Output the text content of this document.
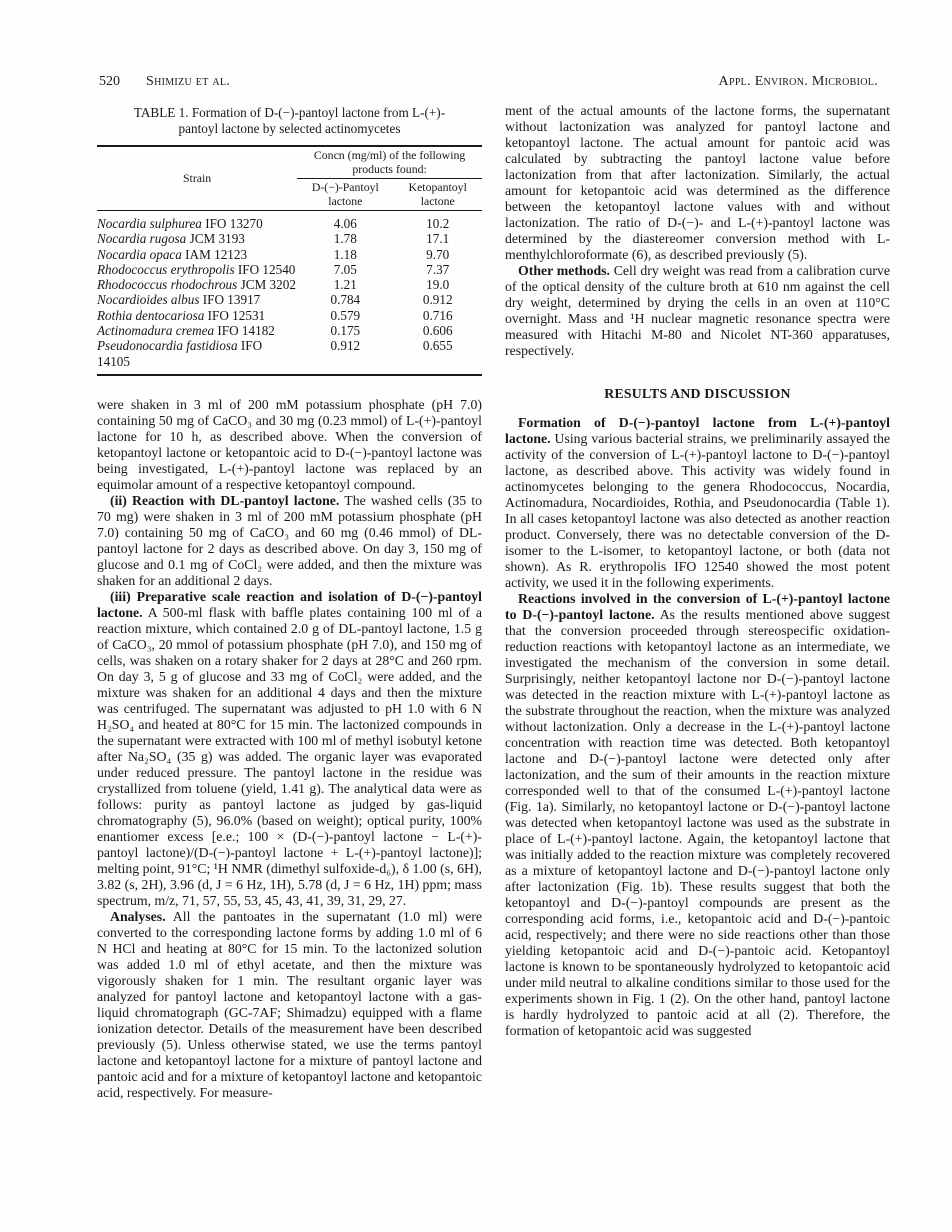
520 Shimizu et al.	Appl. Environ. Microbiol.

TABLE 1. Formation of D-(−)-pantoyl lactone from L-(+)-pantoyl lactone by selected actinomycetes

Strain	Concn (mg/ml) of the following products found:	
	D-(−)-Pantoyl lactone	Ketopantoyl lactone
Nocardia sulphurea IFO 13270	4.06	10.2
Nocardia rugosa JCM 3193	1.78	17.1
Nocardia opaca IAM 12123	1.18	9.70
Rhodococcus erythropolis IFO 12540	7.05	7.37
Rhodococcus rhodochrous JCM 3202	1.21	19.0
Nocardioides albus IFO 13917	0.784	0.912
Rothia dentocariosa IFO 12531	0.579	0.716
Actinomadura cremea IFO 14182	0.175	0.606
Pseudonocardia fastidiosa IFO 14105	0.912	0.655

were shaken in 3 ml of 200 mM potassium phosphate (pH 7.0) containing 50 mg of CaCO₃ and 30 mg (0.23 mmol) of L-(+)-pantoyl lactone for 10 h, as described above. When the conversion of ketopantoyl lactone or ketopantoic acid to D-(−)-pantoyl lactone was being investigated, L-(+)-pantoyl lactone was replaced by an equimolar amount of a respective ketopantoyl compound.

(ii) Reaction with DL-pantoyl lactone. The washed cells (35 to 70 mg) were shaken in 3 ml of 200 mM potassium phosphate (pH 7.0) containing 50 mg of CaCO₃ and 60 mg (0.46 mmol) of DL-pantoyl lactone for 2 days as described above. On day 3, 150 mg of glucose and 0.1 mg of CoCl₂ were added, and then the mixture was shaken for an additional 2 days.

(iii) Preparative scale reaction and isolation of D-(−)-pantoyl lactone. A 500-ml flask with baffle plates containing 100 ml of a reaction mixture, which contained 2.0 g of DL-pantoyl lactone, 1.5 g of CaCO₃, 20 mmol of potassium phosphate (pH 7.0), and 150 mg of cells, was shaken on a rotary shaker for 2 days at 28°C and 260 rpm. On day 3, 5 g of glucose and 33 mg of CoCl₂ were added, and the mixture was shaken for an additional 4 days and then the mixture was centrifuged. The supernatant was adjusted to pH 1.0 with 6 N H₂SO₄ and heated at 80°C for 15 min. The lactonized compounds in the supernatant were extracted with 100 ml of methyl isobutyl ketone after Na₂SO₄ (35 g) was added. The organic layer was evaporated under reduced pressure. The pantoyl lactone in the residue was crystallized from toluene (yield, 1.41 g). The analytical data were as follows: purity as pantoyl lactone as judged by gas-liquid chromatography (5), 96.0% (based on weight); optical purity, 100% enantiomer excess [e.e.; 100 × (D-(−)-pantoyl lactone − L-(+)-pantoyl lactone)/(D-(−)-pantoyl lactone + L-(+)-pantoyl lactone)]; melting point, 91°C; ¹H NMR (dimethyl sulfoxide-d₆), δ 1.00 (s, 6H), 3.82 (s, 2H), 3.96 (d, J = 6 Hz, 1H), 5.78 (d, J = 6 Hz, 1H) ppm; mass spectrum, m/z, 71, 57, 55, 53, 45, 43, 41, 39, 31, 29, 27.

Analyses. All the pantoates in the supernatant (1.0 ml) were converted to the corresponding lactone forms by adding 1.0 ml of 6 N HCl and heating at 80°C for 15 min. To the lactonized solution was added 1.0 ml of ethyl acetate, and then the mixture was vigorously shaken for 1 min. The resultant organic layer was analyzed for pantoyl lactone and ketopantoyl lactone with a gas-liquid chromatograph (GC-7AF; Shimadzu) equipped with a flame ionization detector. Details of the measurement have been described previously (5). Unless otherwise stated, we use the terms pantoyl lactone and ketopantoyl lactone for a mixture of pantoyl lactone and pantoic acid and for a mixture of ketopantoyl lactone and ketopantoic acid, respectively. For measure-

ment of the actual amounts of the lactone forms, the supernatant without lactonization was analyzed for pantoyl lactone and ketopantoyl lactone. The actual amount for pantoic acid was calculated by subtracting the pantoyl lactone value before lactonization from that after lactonization. Similarly, the actual amount for ketopantoic acid was determined as the difference between the ketopantoyl lactone values with and without lactonization. The ratio of D-(−)- and L-(+)-pantoyl lactone was determined by the diastereomer conversion method with L-menthylchloroformate (6), as described previously (5).

Other methods. Cell dry weight was read from a calibration curve of the optical density of the culture broth at 610 nm against the cell dry weight, determined by drying the cells in an oven at 110°C overnight. Mass and ¹H nuclear magnetic resonance spectra were measured with Hitachi M-80 and Nicolet NT-360 apparatuses, respectively.

RESULTS AND DISCUSSION

Formation of D-(−)-pantoyl lactone from L-(+)-pantoyl lactone. Using various bacterial strains, we preliminarily assayed the activity of the conversion of L-(+)-pantoyl lactone to D-(−)-pantoyl lactone, as described above. This activity was widely found in actinomycetes belonging to the genera Rhodococcus, Nocardia, Actinomadura, Nocardioides, Rothia, and Pseudonocardia (Table 1). In all cases ketopantoyl lactone was also detected as another reaction product. Conversely, there was no detectable conversion of the D-isomer to the L-isomer, to ketopantoyl lactone, or both (data not shown). As R. erythropolis IFO 12540 showed the most potent activity, we used it in the following experiments.

Reactions involved in the conversion of L-(+)-pantoyl lactone to D-(−)-pantoyl lactone. As the results mentioned above suggest that the conversion proceeded through stereospecific oxidation-reduction reactions with ketopantoyl lactone as an intermediate, we investigated the mechanism of the conversion in some detail. Surprisingly, neither ketopantoyl lactone nor D-(−)-pantoyl lactone was detected in the reaction mixture with L-(+)-pantoyl lactone as the substrate throughout the reaction, when the mixture was analyzed without lactonization. Only a decrease in the L-(+)-pantoyl lactone concentration with reaction time was detected. Both ketopantoyl lactone and D-(−)-pantoyl lactone were detected only after lactonization, and the sum of their amounts in the reaction mixture corresponded well to that of the consumed L-(+)-pantoyl lactone (Fig. 1a). Similarly, no ketopantoyl lactone or D-(−)-pantoyl lactone was detected when ketopantoyl lactone was used as the substrate in place of L-(+)-pantoyl lactone. Again, the ketopantoyl lactone that was initially added to the reaction mixture was completely recovered as a mixture of ketopantoyl lactone and D-(−)-pantoyl lactone only after lactonization (Fig. 1b). These results suggest that both the ketopantoyl and D-(−)-pantoyl compounds are present as the corresponding acid forms, i.e., ketopantoic acid and D-(−)-pantoic acid, respectively; and there were no side reactions other than those yielding ketopantoic acid and D-(−)-pantoic acid. Ketopantoyl lactone is known to be spontaneously hydrolyzed to ketopantoic acid under mild neutral to alkaline conditions similar to those used for the experiments shown in Fig. 1 (2). On the other hand, pantoyl lactone is hardly hydrolyzed to pantoic acid at all (2). Therefore, the formation of ketopantoic acid was suggested
